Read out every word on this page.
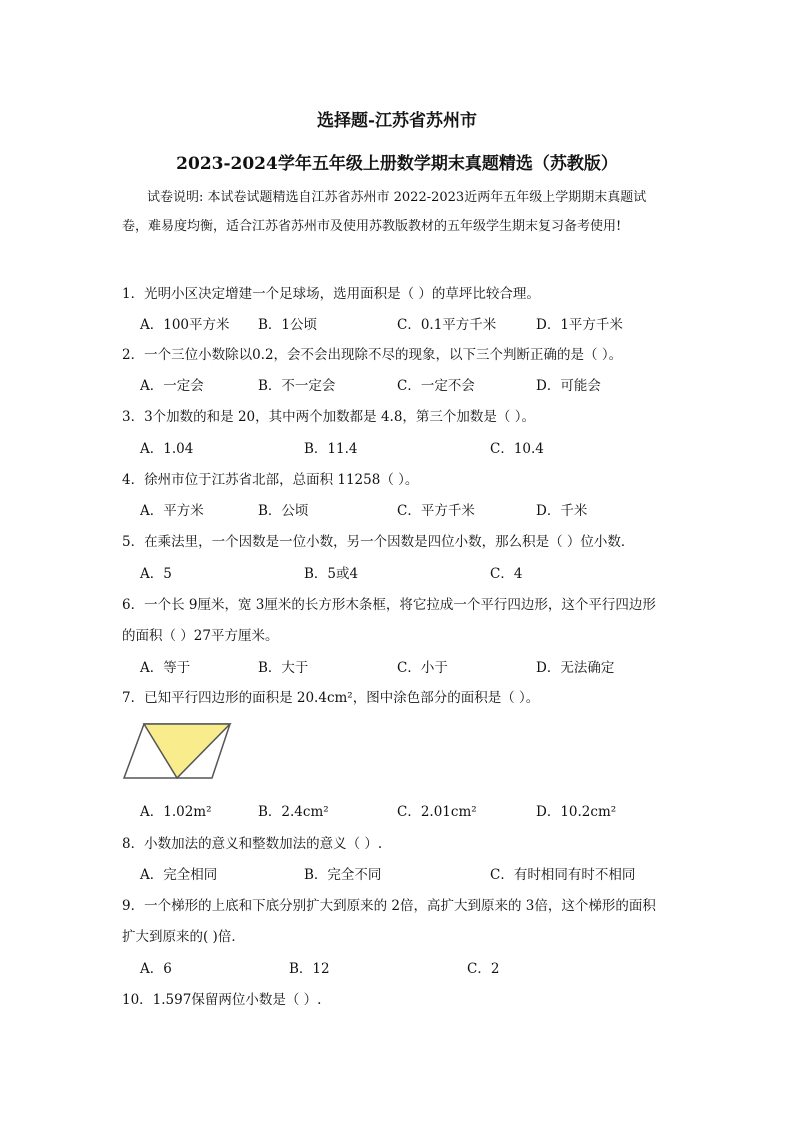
选择题-江苏省苏州市
2023-2024学年五年级上册数学期末真题精选（苏教版）
试卷说明: 本试卷试题精选自江苏省苏州市 2022-2023近两年五年级上学期期末真题试
卷，难易度均衡，适合江苏省苏州市及使用苏教版教材的五年级学生期末复习备考使用!
1．光明小区决定增建一个足球场，选用面积是（ ）的草坪比较合理。
A．100平方米 B．1公顷	C．0.1平方千米	D．1平方千米
2．一个三位小数除以0.2，会不会出现除不尽的现象，以下三个判断正确的是（ ）。
A．一定会	B．不一定会	C．一定不会	D．可能会
3．3个加数的和是 20，其中两个加数都是 4.8，第三个加数是（ ）。
A．1.04	B．11.4	C．10.4
4．徐州市位于江苏省北部，总面积 11258（ ）。
A．平方米	B．公顷	C．平方千米	D．千米
5．在乘法里，一个因数是一位小数，另一个因数是四位小数，那么积是（ ）位小数．
A．5	B．5或4	C．4
6．一个长 9厘米，宽 3厘米的长方形木条框，将它拉成一个平行四边形，这个平行四边形
的面积（ ）27平方厘米。
A．等于	B．大于	C．小于	D．无法确定
7．已知平行四边形的面积是 20.4cm²，图中涂色部分的面积是（ ）。
A．1.02m²	B．2.4cm²	C．2.01cm²	D．10.2cm²
8．小数加法的意义和整数加法的意义（ ）.
A．完全相同	B．完全不同	C．有时相同有时不相同
9．一个梯形的上底和下底分别扩大到原来的 2倍，高扩大到原来的 3倍，这个梯形的面积
扩大到原来的( )倍．
A．6	B．12	C．2
10．1.597保留两位小数是（ ）.
